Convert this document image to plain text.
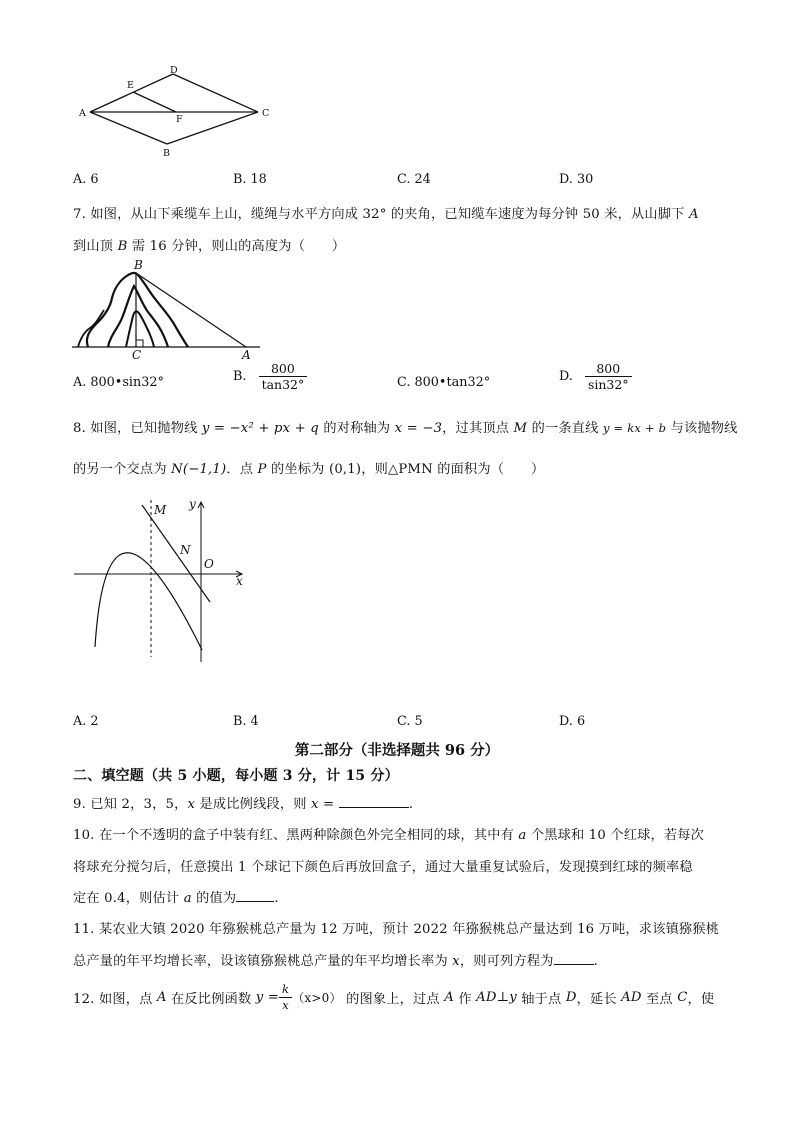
A
D
E
F
C
B
A. 6	B. 18	C. 24	D. 30
7. 如图，从山下乘缆车上山，缆绳与水平方向成 32° 的夹角，已知缆车速度为每分钟 50 米，从山脚下 A
到山顶 B 需 16 分钟，则山的高度为（　　）
B
C	A
A. 800•sin32°	B. $\frac{800}{\tan 32^\circ}$	C. 800•tan32°	D. $\frac{800}{\sin 32^\circ}$
8. 如图，已知抛物线 y = −x² + px + q 的对称轴为 x = −3，过其顶点 M 的一条直线 y = kx + b 与该抛物线
的另一个交点为 N(−1,1)．点 P 的坐标为 (0,1)，则△PMN 的面积为（　　）
y
M
N
O
x
A. 2	B. 4	C. 5	D. 6
第二部分（非选择题共 96 分）
二、填空题（共 5 小题，每小题 3 分，计 15 分）
9. 已知 2，3，5，x 是成比例线段，则 x =	.
10. 在一个不透明的盒子中装有红、黑两种除颜色外完全相同的球，其中有 a 个黑球和 10 个红球，若每次
将球充分搅匀后，任意摸出 1 个球记下颜色后再放回盒子，通过大量重复试验后，发现摸到红球的频率稳
定在 0.4，则估计 a 的值为	.
11. 某农业大镇 2020 年猕猴桃总产量为 12 万吨，预计 2022 年猕猴桃总产量达到 16 万吨，求该镇猕猴桃
总产量的年平均增长率，设该镇猕猴桃总产量的年平均增长率为 x，则可列方程为	.
12. 如图，点 A 在反比例函数 $y = \frac{k}{x} (x>0)$ 的图象上，过点 A 作 AD⊥y 轴于点 D，延长 AD 至点 C，使
